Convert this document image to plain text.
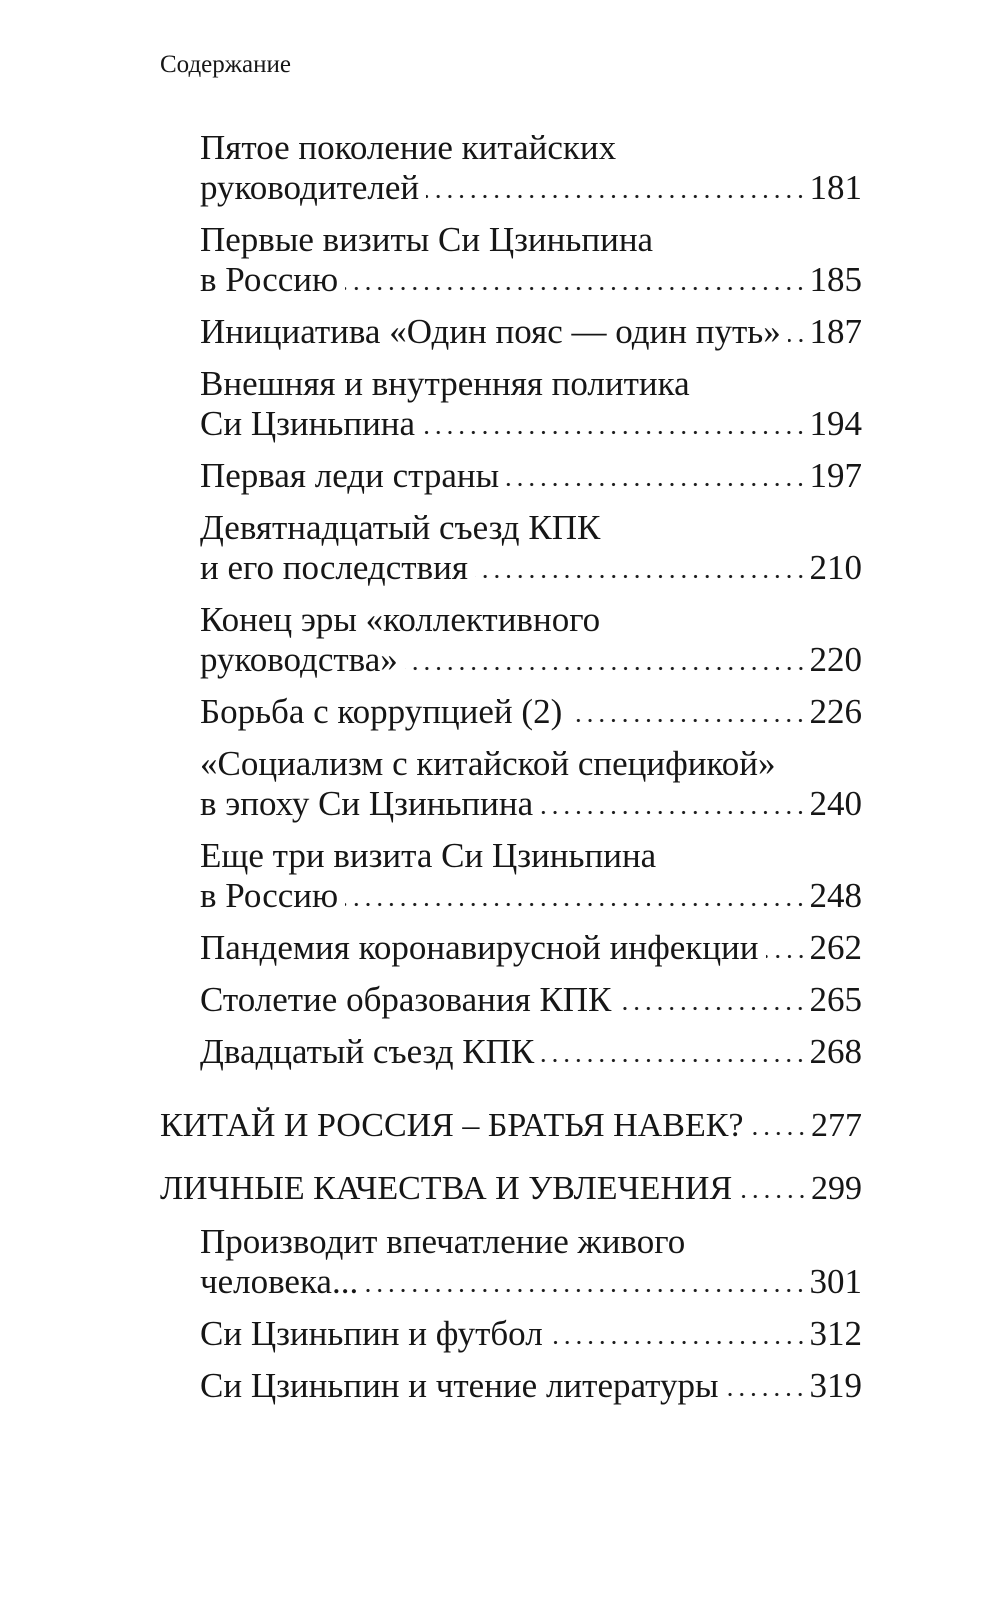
Содержание
Пятое поколение китайских
руководителей	181
Первые визиты Си Цзиньпина
в Россию	185
Инициатива «Один пояс — один путь» 187
Внешняя и внутренняя политика
Си Цзиньпина	194
Первая леди страны	197
Девятнадцатый съезд КПК
и его последствия	210
Конец эры «коллективного
руководства»	220
Борьба с коррупцией (2)	226
«Социализм с китайской спецификой»
в эпоху Си Цзиньпина	240
Еще три визита Си Цзиньпина
в Россию	248
Пандемия коронавирусной инфекции 262
Столетие образования КПК	265
Двадцатый съезд КПК	268
КИТАЙ И РОССИЯ – БРАТЬЯ НАВЕК? 277
ЛИЧНЫЕ КАЧЕСТВА И УВЛЕЧЕНИЯ 299
Производит впечатление живого
человека...	301
Си Цзиньпин и футбол	312
Си Цзиньпин и чтение литературы	319
